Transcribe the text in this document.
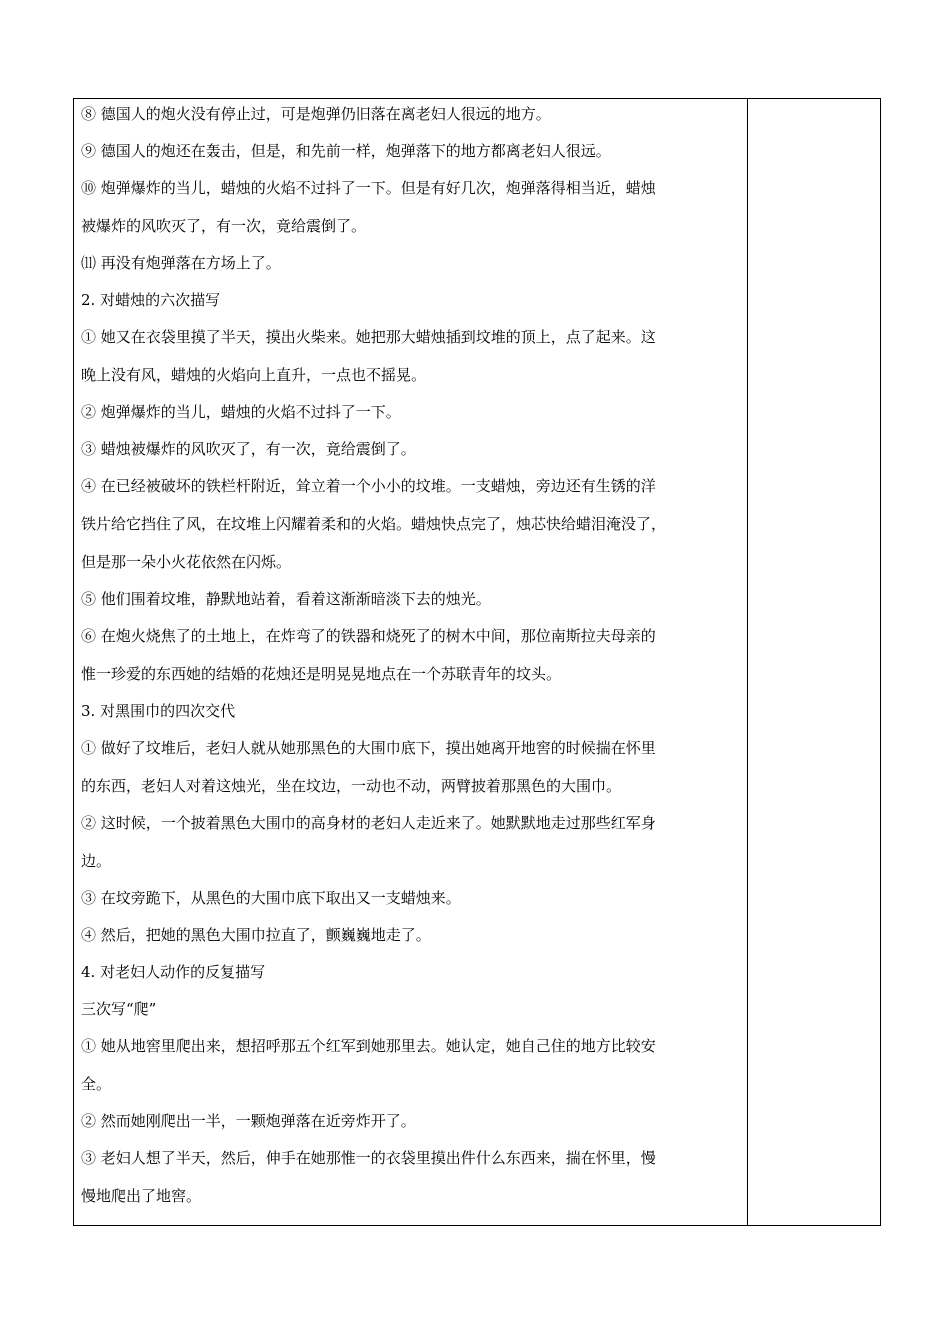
⑧ 德国人的炮火没有停止过，可是炮弹仍旧落在离老妇人很远的地方。
⑨ 德国人的炮还在轰击，但是，和先前一样，炮弹落下的地方都离老妇人很远。
⑩ 炮弹爆炸的当儿，蜡烛的火焰不过抖了一下。但是有好几次，炮弹落得相当近，蜡烛
被爆炸的风吹灭了，有一次，竟给震倒了。
⑾ 再没有炮弹落在方场上了。
2. 对蜡烛的六次描写
① 她又在衣袋里摸了半天，摸出火柴来。她把那大蜡烛插到坟堆的顶上，点了起来。这
晚上没有风，蜡烛的火焰向上直升，一点也不摇晃。
② 炮弹爆炸的当儿，蜡烛的火焰不过抖了一下。
③ 蜡烛被爆炸的风吹灭了，有一次，竟给震倒了。
④ 在已经被破坏的铁栏杆附近，耸立着一个小小的坟堆。一支蜡烛，旁边还有生锈的洋
铁片给它挡住了风，在坟堆上闪耀着柔和的火焰。蜡烛快点完了，烛芯快给蜡泪淹没了，
但是那一朵小火花依然在闪烁。
⑤ 他们围着坟堆，静默地站着，看着这渐渐暗淡下去的烛光。
⑥ 在炮火烧焦了的土地上，在炸弯了的铁器和烧死了的树木中间，那位南斯拉夫母亲的
惟一珍爱的东西她的结婚的花烛还是明晃晃地点在一个苏联青年的坟头。
3. 对黑围巾的四次交代
① 做好了坟堆后，老妇人就从她那黑色的大围巾底下，摸出她离开地窖的时候揣在怀里
的东西，老妇人对着这烛光，坐在坟边，一动也不动，两臂披着那黑色的大围巾。
② 这时候，一个披着黑色大围巾的高身材的老妇人走近来了。她默默地走过那些红军身
边。
③ 在坟旁跪下，从黑色的大围巾底下取出又一支蜡烛来。
④ 然后，把她的黑色大围巾拉直了，颤巍巍地走了。
4. 对老妇人动作的反复描写
三次写“爬”
① 她从地窖里爬出来，想招呼那五个红军到她那里去。她认定，她自己住的地方比较安
全。
② 然而她刚爬出一半，一颗炮弹落在近旁炸开了。
③ 老妇人想了半天，然后，伸手在她那惟一的衣袋里摸出件什么东西来，揣在怀里，慢
慢地爬出了地窖。
